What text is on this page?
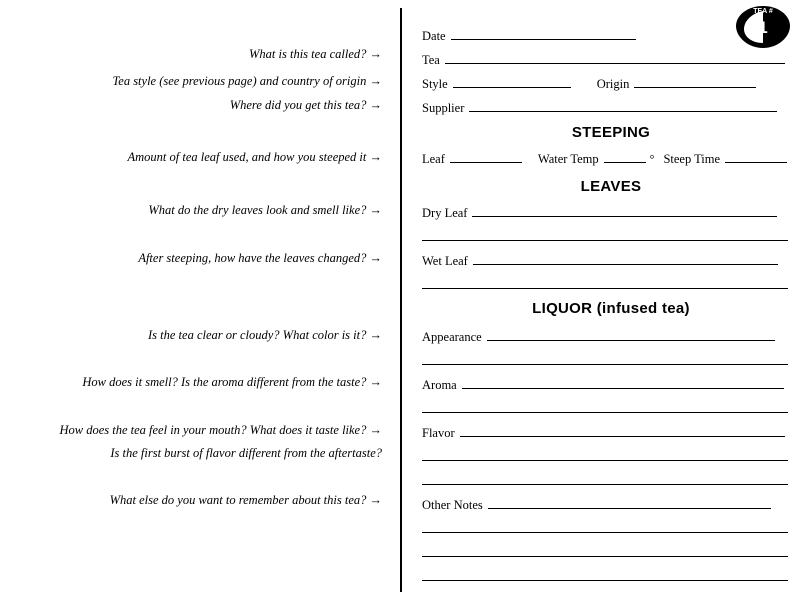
What is this tea called? →
Tea style (see previous page) and country of origin →
Where did you get this tea? →
Amount of tea leaf used, and how you steeped it →
What do the dry leaves look and smell like? →
After steeping, how have the leaves changed? →
Is the tea clear or cloudy? What color is it? →
How does it smell? Is the aroma different from the taste? →
How does the tea feel in your mouth? What does it taste like? →
Is the first burst of flavor different from the aftertaste?
What else do you want to remember about this tea? →
TEA #
1
Date
Tea
Style	Origin
Supplier
STEEPING
Leaf	Water Temp	° Steep Time
LEAVES
Dry Leaf
Wet Leaf
LIQUOR (infused tea)
Appearance
Aroma
Flavor
Other Notes
